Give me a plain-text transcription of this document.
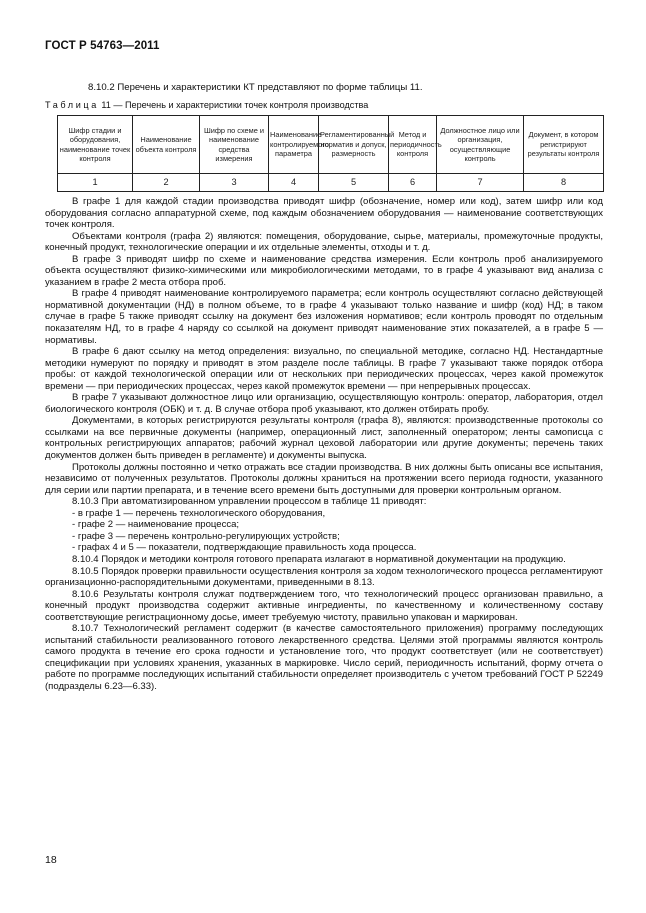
ГОСТ Р 54763—2011
8.10.2 Перечень и характеристики КТ представляют по форме таблицы 11.
Таблица 11 — Перечень и характеристики точек контроля производства
Шифр стадии и оборудования, наименование точек контроля	Наименование объекта контроля	Шифр по схеме и наименование средства измерения	Наименование контролируемого параметра	Регламентированный норматив и допуск, размерность	Метод и периодичность контроля	Должностное лицо или организация, осуществляющие контроль	Документ, в котором регистрируют результаты контроля
1	2	3	4	5	6	7	8

В графе 1 для каждой стадии производства приводят шифр (обозначение, номер или код), затем шифр или код оборудования согласно аппаратурной схеме, под каждым обозначением оборудования — наименование соответствующих точек контроля.

Объектами контроля (графа 2) являются: помещения, оборудование, сырье, материалы, промежуточные продукты, конечный продукт, технологические операции и их отдельные элементы, отходы и т. д.

В графе 3 приводят шифр по схеме и наименование средства измерения. Если контроль проб анализируемого объекта осуществляют физико-химическими или микробиологическими методами, то в графе 4 указывают вид анализа с указанием в графе 2 места отбора проб.

В графе 4 приводят наименование контролируемого параметра; если контроль осуществляют согласно действующей нормативной документации (НД) в полном объеме, то в графе 4 указывают только название и шифр (код) НД; в таком случае в графе 5 также приводят ссылку на документ без изложения нормативов; если контроль проводят по отдельным показателям НД, то в графе 4 наряду со ссылкой на документ приводят наименование этих показателей, а в графе 5 — нормативы.

В графе 6 дают ссылку на метод определения: визуально, по специальной методике, согласно НД. Нестандартные методики нумеруют по порядку и приводят в этом разделе после таблицы. В графе 7 указывают также порядок отбора пробы: от каждой технологической операции или от нескольких при периодических процессах, через какой промежуток времени — при периодических процессах, через какой промежуток времени — при непрерывных процессах.

В графе 7 указывают должностное лицо или организацию, осуществляющую контроль: оператор, лаборатория, отдел биологического контроля (ОБК) и т. д. В случае отбора проб указывают, кто должен отбирать пробу.

Документами, в которых регистрируются результаты контроля (графа 8), являются: производственные протоколы со ссылками на все первичные документы (например, операционный лист, заполненный оператором; ленты самописца с контрольных регистрирующих аппаратов; рабочий журнал цеховой лаборатории или другие документы; перечень таких документов должен быть приведен в регламенте) и документы выпуска.

Протоколы должны постоянно и четко отражать все стадии производства. В них должны быть описаны все испытания, независимо от полученных результатов. Протоколы должны храниться на протяжении всего периода годности, указанного для серии или партии препарата, и в течение всего времени быть доступными для проверки контрольным органом.

8.10.3 При автоматизированном управлении процессом в таблице 11 приводят:

- в графе 1 — перечень технологического оборудования,

- графе 2 — наименование процесса;

- графе 3 — перечень контрольно-регулирующих устройств;

- графах 4 и 5 — показатели, подтверждающие правильность хода процесса.

8.10.4 Порядок и методики контроля готового препарата излагают в нормативной документации на продукцию.

8.10.5 Порядок проверки правильности осуществления контроля за ходом технологического процесса регламентируют организационно-распорядительными документами, приведенными в 8.13.

8.10.6 Результаты контроля служат подтверждением того, что технологический процесс организован правильно, а конечный продукт производства содержит активные ингредиенты, по качественному и количественному составу соответствующие регистрационному досье, имеет требуемую чистоту, правильно упакован и маркирован.

8.10.7 Технологический регламент содержит (в качестве самостоятельного приложения) программу последующих испытаний стабильности реализованного готового лекарственного средства. Целями этой программы являются контроль самого продукта в течение его срока годности и установление того, что продукт соответствует (или не соответствует) спецификации при условиях хранения, указанных в маркировке. Число серий, периодичность испытаний, форму отчета о работе по программе последующих испытаний стабильности определяет производитель с учетом требований ГОСТ Р 52249 (подразделы 6.23—6.33).

18
